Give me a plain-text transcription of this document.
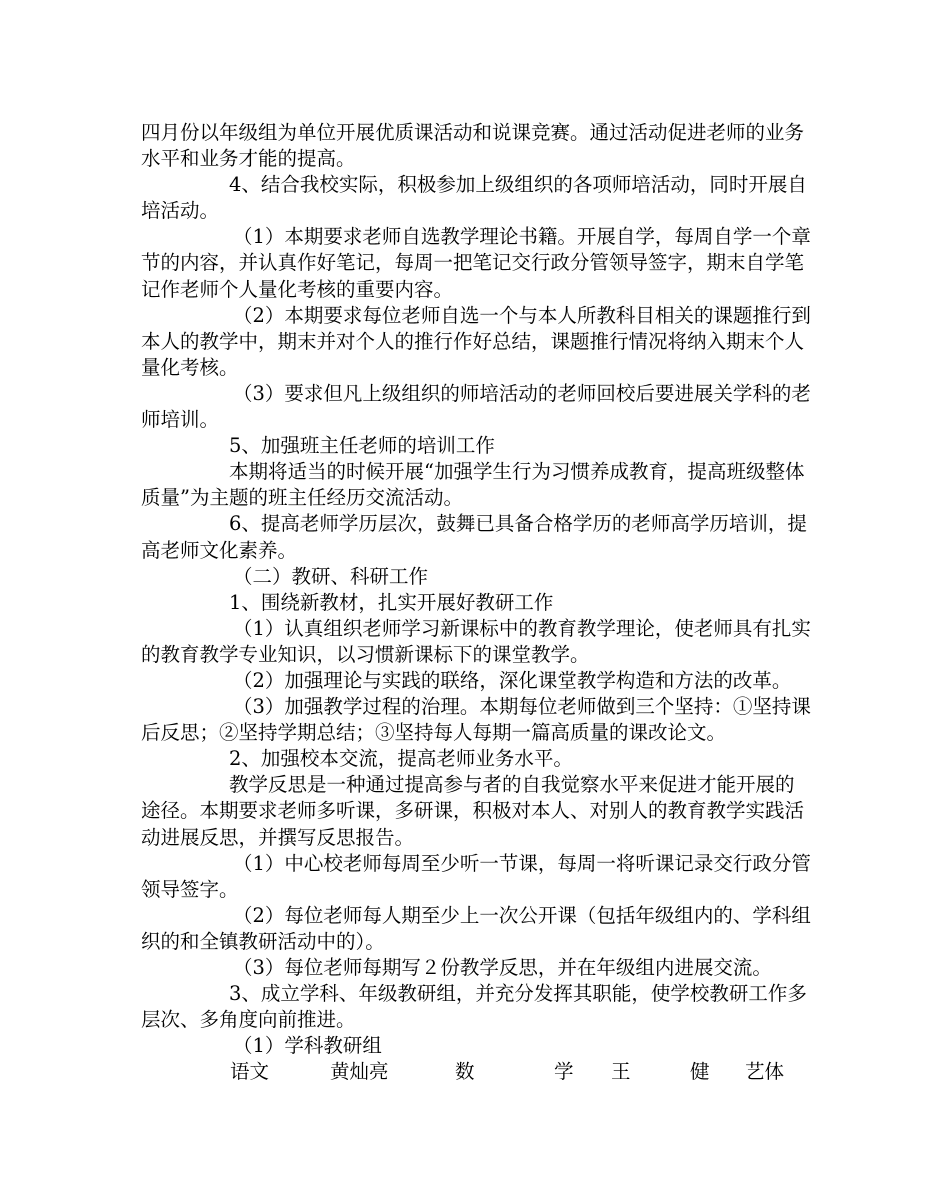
四月份以年级组为单位开展优质课活动和说课竞赛。通过活动促进老师的业务水平和业务才能的提高。

4、结合我校实际，积极参加上级组织的各项师培活动，同时开展自培活动。

（1）本期要求老师自选教学理论书籍。开展自学，每周自学一个章节的内容，并认真作好笔记，每周一把笔记交行政分管领导签字，期末自学笔记作老师个人量化考核的重要内容。

（2）本期要求每位老师自选一个与本人所教科目相关的课题推行到本人的教学中，期末并对个人的推行作好总结，课题推行情况将纳入期末个人量化考核。

（3）要求但凡上级组织的师培活动的老师回校后要进展关学科的老师培训。

5、加强班主任老师的培训工作

本期将适当的时候开展“加强学生行为习惯养成教育，提高班级整体质量”为主题的班主任经历交流活动。

6、提高老师学历层次，鼓舞已具备合格学历的老师高学历培训，提高老师文化素养。

（二）教研、科研工作

1、围绕新教材，扎实开展好教研工作

（1）认真组织老师学习新课标中的教育教学理论，使老师具有扎实的教育教学专业知识，以习惯新课标下的课堂教学。

（2）加强理论与实践的联络，深化课堂教学构造和方法的改革。

（3）加强教学过程的治理。本期每位老师做到三个坚持：①坚持课后反思；②坚持学期总结；③坚持每人每期一篇高质量的课改论文。

2、加强校本交流，提高老师业务水平。

教学反思是一种通过提高参与者的自我觉察水平来促进才能开展的途径。本期要求老师多听课，多研课，积极对本人、对别人的教育教学实践活动进展反思，并撰写反思报告。

（1）中心校老师每周至少听一节课，每周一将听课记录交行政分管领导签字。

（2）每位老师每人期至少上一次公开课（包括年级组内的、学科组织的和全镇教研活动中的）。

（3）每位老师每期写２份教学反思，并在年级组内进展交流。

3、成立学科、年级教研组，并充分发挥其职能，使学校教研工作多层次、多角度向前推进。

（1）学科教研组

语文	黄灿亮	数	学 王	健 艺体
